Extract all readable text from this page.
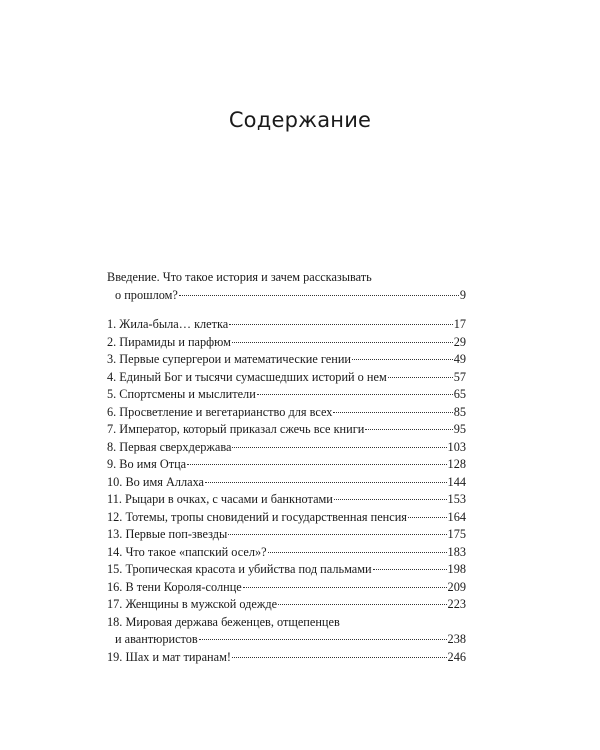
Содержание
Введение. Что такое история и зачем рассказывать
о прошлом?	9
1. Жила-была… клетка	17
2. Пирамиды и парфюм	29
3. Первые супергерои и математические гении	49
4. Единый Бог и тысячи сумасшедших историй о нем	57
5. Спортсмены и мыслители	65
6. Просветление и вегетарианство для всех	85
7. Император, который приказал сжечь все книги	95
8. Первая сверхдержава	103
9. Во имя Отца	128
10. Во имя Аллаха	144
11. Рыцари в очках, с часами и банкнотами	153
12. Тотемы, тропы сновидений и государственная пенсия	164
13. Первые поп-звезды	175
14. Что такое «папский осел»?	183
15. Тропическая красота и убийства под пальмами	198
16. В тени Короля-солнце	209
17. Женщины в мужской одежде	223
18. Мировая держава беженцев, отщепенцев
и авантюристов	238
19. Шах и мат тиранам!	246
